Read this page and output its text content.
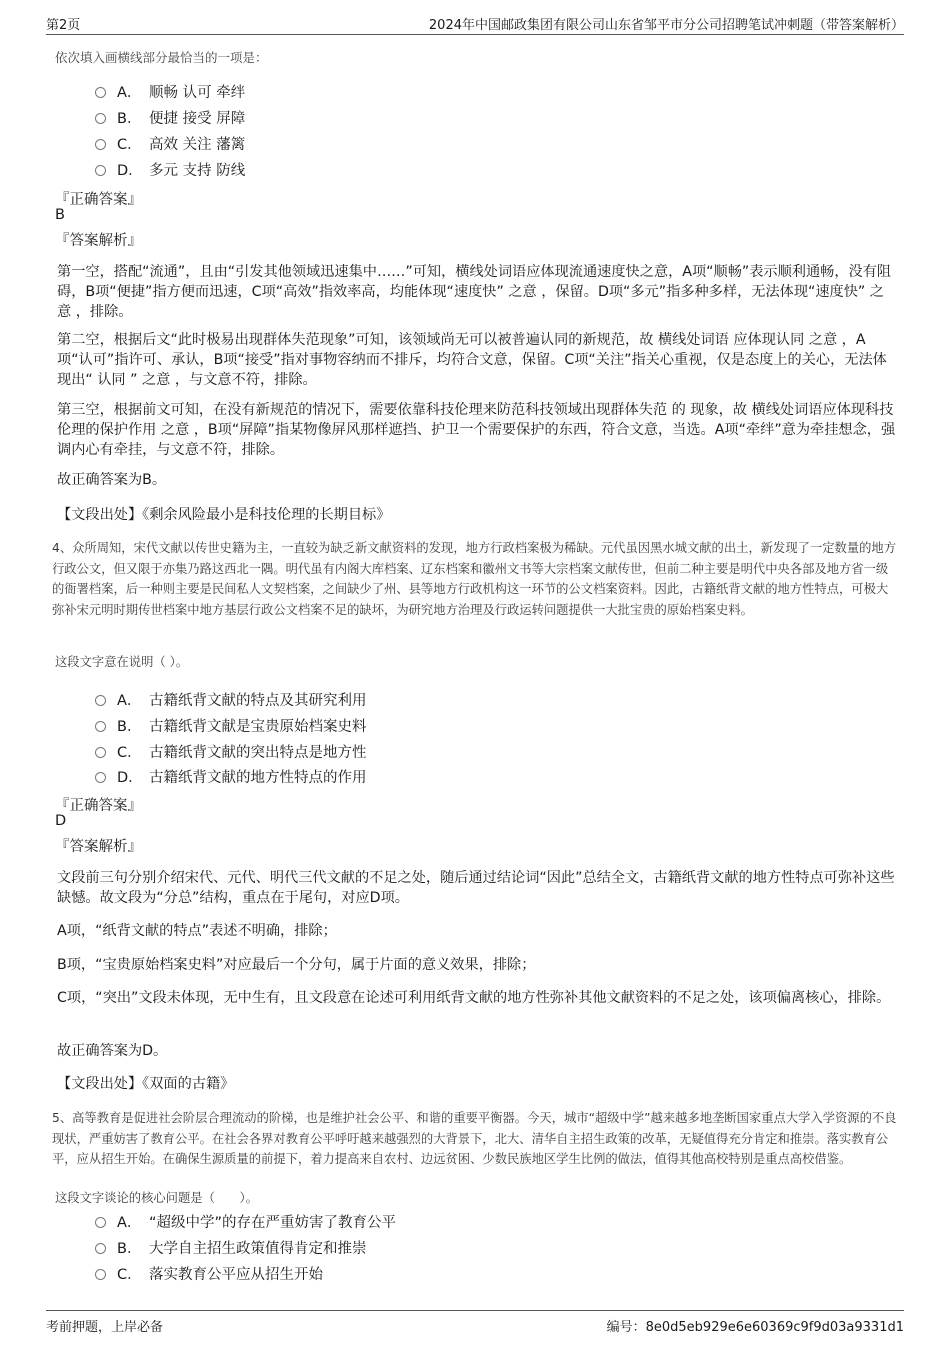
第2页	2024年中国邮政集团有限公司山东省邹平市分公司招聘笔试冲刺题（带答案解析）
依次填入画横线部分最恰当的一项是：
A． 顺畅 认可 牵绊
B． 便捷 接受 屏障
C． 高效 关注 藩篱
D． 多元 支持 防线
『正确答案』
B
『答案解析』
第一空，搭配“流通”，且由“引发其他领域迅速集中……”可知，横线处词语应体现流通速度快之意，A项“顺畅”表示顺利通畅，没有阻碍，B项“便捷”指方便而迅速，C项“高效”指效率高，均能体现“速度快” 之意 ，保留。D项“多元”指多种多样，无法体现“速度快” 之意 ，排除。
第二空，根据后文“此时极易出现群体失范现象”可知，该领域尚无可以被普遍认同的新规范，故 横线处词语 应体现认同 之意 ，A项“认可”指许可、承认，B项“接受”指对事物容纳而不排斥，均符合文意，保留。C项“关注”指关心重视，仅是态度上的关心，无法体现出“ 认同 ” 之意 ，与文意不符，排除。
第三空，根据前文可知，在没有新规范的情况下，需要依靠科技伦理来防范科技领域出现群体失范 的 现象，故 横线处词语应体现科技伦理的保护作用 之意 ，B项“屏障”指某物像屏风那样遮挡、护卫一个需要保护的东西，符合文意，当选。A项“牵绊”意为牵挂想念，强调内心有牵挂，与文意不符，排除。
故正确答案为B。
【文段出处】《剩余风险最小是科技伦理的长期目标》
4、众所周知，宋代文献以传世史籍为主，一直较为缺乏新文献资料的发现，地方行政档案极为稀缺。元代虽因黑水城文献的出土，新发现了一定数量的地方行政公文，但又限于亦集乃路这西北一隅。明代虽有内阁大库档案、辽东档案和徽州文书等大宗档案文献传世，但前二种主要是明代中央各部及地方省一级的衙署档案，后一种则主要是民间私人文契档案，之间缺少了州、县等地方行政机构这一环节的公文档案资料。因此，古籍纸背文献的地方性特点，可极大弥补宋元明时期传世档案中地方基层行政公文档案不足的缺坏，为研究地方治理及行政运转问题提供一大批宝贵的原始档案史料。
这段文字意在说明（ ）。
A． 古籍纸背文献的特点及其研究利用
B． 古籍纸背文献是宝贵原始档案史料
C． 古籍纸背文献的突出特点是地方性
D． 古籍纸背文献的地方性特点的作用
『正确答案』
D
『答案解析』
文段前三句分别介绍宋代、元代、明代三代文献的不足之处，随后通过结论词“因此”总结全文，古籍纸背文献的地方性特点可弥补这些缺憾。故文段为“分总”结构，重点在于尾句，对应D项。
A项，“纸背文献的特点”表述不明确，排除；
B项，“宝贵原始档案史料”对应最后一个分句，属于片面的意义效果，排除；
C项，“突出”文段未体现，无中生有，且文段意在论述可利用纸背文献的地方性弥补其他文献资料的不足之处，该项偏离核心，排除。
故正确答案为D。
【文段出处】《双面的古籍》
5、高等教育是促进社会阶层合理流动的阶梯，也是维护社会公平、和谐的重要平衡器。今天，城市“超级中学”越来越多地垄断国家重点大学入学资源的不良现状，严重妨害了教育公平。在社会各界对教育公平呼吁越来越强烈的大背景下，北大、清华自主招生政策的改革，无疑值得充分肯定和推崇。落实教育公平，应从招生开始。在确保生源质量的前提下，着力提高来自农村、边远贫困、少数民族地区学生比例的做法，值得其他高校特别是重点高校借鉴。
这段文字谈论的核心问题是（　　）。
A． “超级中学”的存在严重妨害了教育公平
B． 大学自主招生政策值得肯定和推崇
C． 落实教育公平应从招生开始
考前押题，上岸必备	编号：8e0d5eb929e6e60369c9f9d03a9331d1
